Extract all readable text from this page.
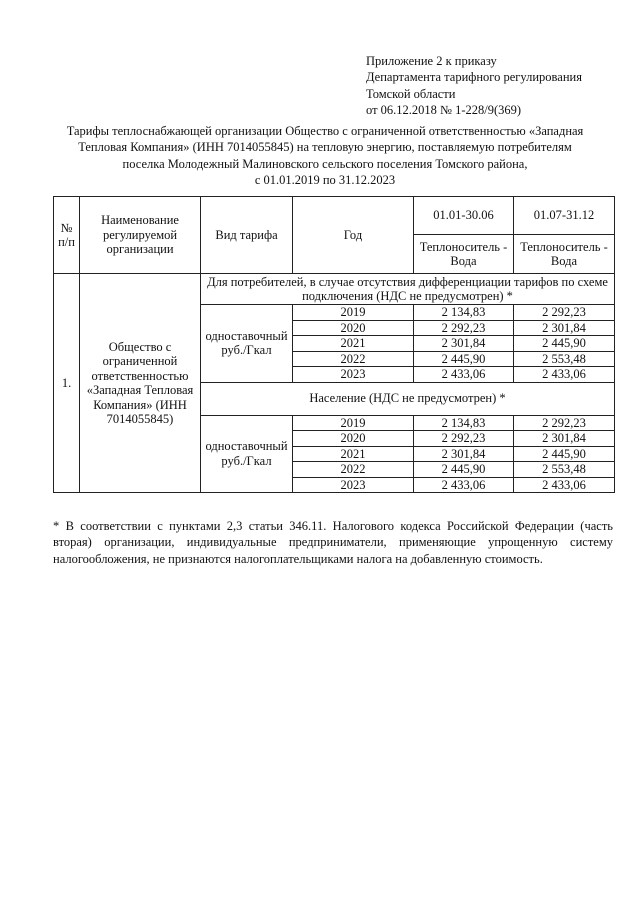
Приложение 2 к приказу
Департамента тарифного регулирования
Томской области
от 06.12.2018 № 1-228/9(369)
Тарифы теплоснабжающей организации Общество с ограниченной ответственностью «Западная
Тепловая Компания» (ИНН 7014055845) на тепловую энергию, поставляемую потребителям
поселка Молодежный Малиновского сельского поселения Томского района,
с 01.01.2019 по 31.12.2023
№ п/п	Наименование регулируемой организации	Вид тарифа	Год	01.01-30.06	01.07-31.12
				Теплоноситель - Вода	Теплоноситель - Вода
1.	Общество с ограниченной ответственностью «Западная Тепловая Компания» (ИНН 7014055845)	Для потребителей, в случае отсутствия дифференциации тарифов по схеме подключения (НДС не предусмотрен) *			
		одноставочный руб./Гкал	2019	2 134,83	2 292,23
			2020	2 292,23	2 301,84
			2021	2 301,84	2 445,90
			2022	2 445,90	2 553,48
			2023	2 433,06	2 433,06
		Население (НДС не предусмотрен) *			
		одноставочный руб./Гкал	2019	2 134,83	2 292,23
			2020	2 292,23	2 301,84
			2021	2 301,84	2 445,90
			2022	2 445,90	2 553,48
			2023	2 433,06	2 433,06
* В соответствии с пунктами 2,3 статьи 346.11. Налогового кодекса Российской Федерации (часть вторая) организации, индивидуальные предприниматели, применяющие упрощенную систему налогообложения, не признаются налогоплательщиками налога на добавленную стоимость.
